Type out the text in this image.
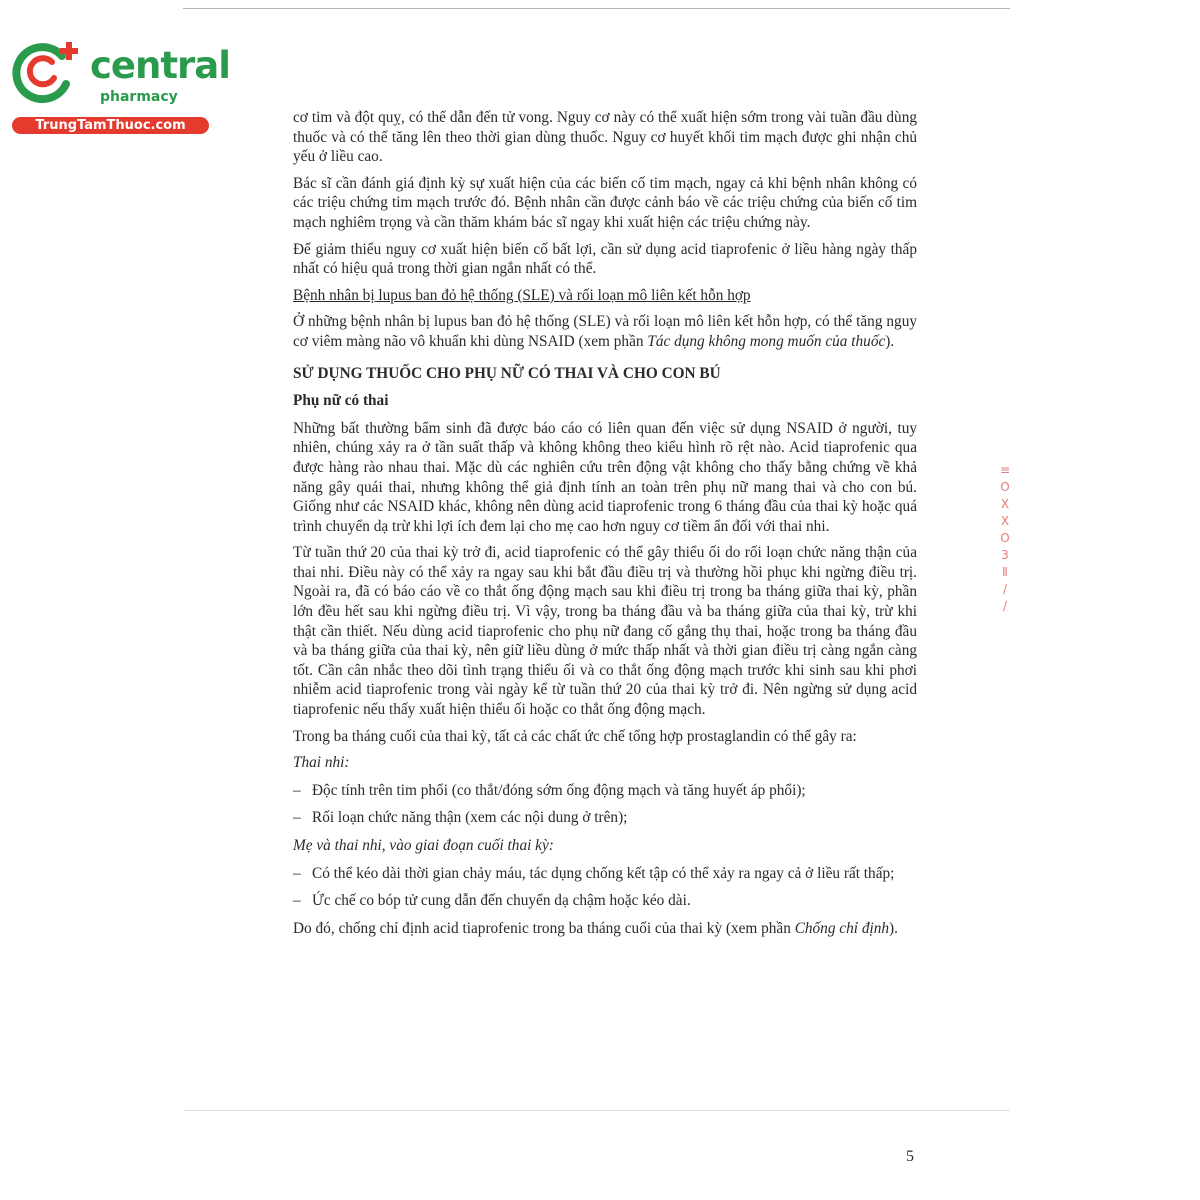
central
pharmacy
TrungTamThuoc.com	cơ tim và đột quỵ, có thể dẫn đến tử vong. Nguy cơ này có thể xuất hiện sớm trong vài tuần đầu dùng thuốc và có thể tăng lên theo thời gian dùng thuốc. Nguy cơ huyết khối tim mạch được ghi nhận chủ yếu ở liều cao.

Bác sĩ cần đánh giá định kỳ sự xuất hiện của các biến cố tim mạch, ngay cả khi bệnh nhân không có các triệu chứng tim mạch trước đó. Bệnh nhân cần được cảnh báo về các triệu chứng của biến cố tim mạch nghiêm trọng và cần thăm khám bác sĩ ngay khi xuất hiện các triệu chứng này.

Để giảm thiểu nguy cơ xuất hiện biến cố bất lợi, cần sử dụng acid tiaprofenic ở liều hàng ngày thấp nhất có hiệu quả trong thời gian ngắn nhất có thể.

Bệnh nhân bị lupus ban đỏ hệ thống (SLE) và rối loạn mô liên kết hỗn hợp

Ở những bệnh nhân bị lupus ban đỏ hệ thống (SLE) và rối loạn mô liên kết hỗn hợp, có thể tăng nguy cơ viêm màng não vô khuẩn khi dùng NSAID (xem phần Tác dụng không mong muốn của thuốc).

SỬ DỤNG THUỐC CHO PHỤ NỮ CÓ THAI VÀ CHO CON BÚ

Phụ nữ có thai

Những bất thường bẩm sinh đã được báo cáo có liên quan đến việc sử dụng NSAID ở người, tuy nhiên, chúng xảy ra ở tần suất thấp và không không theo kiểu hình rõ rệt nào. Acid tiaprofenic qua được hàng rào nhau thai. Mặc dù các nghiên cứu trên động vật không cho thấy bằng chứng về khả năng gây quái thai, nhưng không thể giả định tính an toàn trên phụ nữ mang thai và cho con bú. Giống như các NSAID khác, không nên dùng acid tiaprofenic trong 6 tháng đầu của thai kỳ hoặc quá trình chuyển dạ trừ khi lợi ích đem lại cho mẹ cao hơn nguy cơ tiềm ẩn đối với thai nhi.

Từ tuần thứ 20 của thai kỳ trở đi, acid tiaprofenic có thể gây thiểu ối do rối loạn chức năng thận của thai nhi. Điều này có thể xảy ra ngay sau khi bắt đầu điều trị và thường hồi phục khi ngừng điều trị. Ngoài ra, đã có báo cáo về co thắt ống động mạch sau khi điều trị trong ba tháng giữa thai kỳ, phần lớn đều hết sau khi ngừng điều trị. Vì vậy, trong ba tháng đầu và ba tháng giữa của thai kỳ, trừ khi thật cần thiết. Nếu dùng acid tiaprofenic cho phụ nữ đang cố gắng thụ thai, hoặc trong ba tháng đầu và ba tháng giữa của thai kỳ, nên giữ liều dùng ở mức thấp nhất và thời gian điều trị càng ngắn càng tốt. Cần cân nhắc theo dõi tình trạng thiểu ối và co thắt ống động mạch trước khi sinh sau khi phơi nhiễm acid tiaprofenic trong vài ngày kể từ tuần thứ 20 của thai kỳ trở đi. Nên ngừng sử dụng acid tiaprofenic nếu thấy xuất hiện thiểu ối hoặc co thắt ống động mạch.

Trong ba tháng cuối của thai kỳ, tất cả các chất ức chế tổng hợp prostaglandin có thể gây ra:

Thai nhi:

– Độc tính trên tim phổi (co thắt/đóng sớm ống động mạch và tăng huyết áp phổi);

– Rối loạn chức năng thận (xem các nội dung ở trên);

Mẹ và thai nhi, vào giai đoạn cuối thai kỳ:

– Có thể kéo dài thời gian chảy máu, tác dụng chống kết tập có thể xảy ra ngay cả ở liều rất thấp;

– Ức chế co bóp tử cung dẫn đến chuyển dạ chậm hoặc kéo dài.

Do đó, chống chỉ định acid tiaprofenic trong ba tháng cuối của thai kỳ (xem phần Chống chỉ định).

≡
O
X
X
O
3
Ⅱ
/
/
5
